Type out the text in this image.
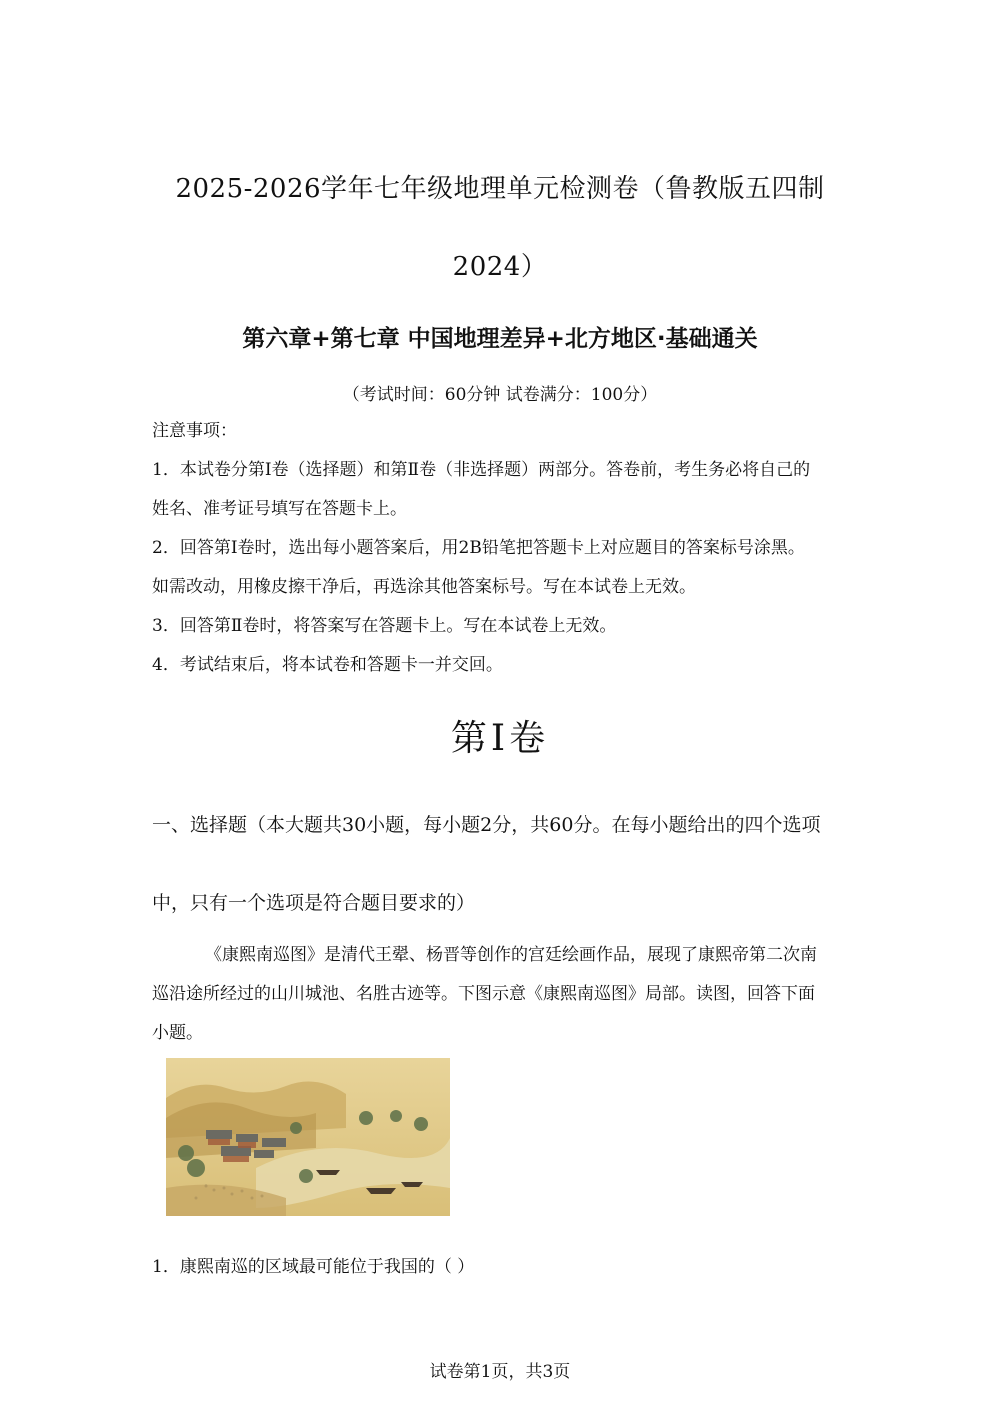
2025-2026学年七年级地理单元检测卷（鲁教版五四制
2024）
第六章+第七章 中国地理差异+北方地区·基础通关
（考试时间：60分钟 试卷满分：100分）
注意事项：
1．本试卷分第Ⅰ卷（选择题）和第Ⅱ卷（非选择题）两部分。答卷前，考生务必将自己的
姓名、准考证号填写在答题卡上。
2．回答第Ⅰ卷时，选出每小题答案后，用2B铅笔把答题卡上对应题目的答案标号涂黑。
如需改动，用橡皮擦干净后，再选涂其他答案标号。写在本试卷上无效。
3．回答第Ⅱ卷时，将答案写在答题卡上。写在本试卷上无效。
4．考试结束后，将本试卷和答题卡一并交回。
第Ⅰ卷
一、选择题（本大题共30小题，每小题2分，共60分。在每小题给出的四个选项
中，只有一个选项是符合题目要求的）
《康熙南巡图》是清代王翚、杨晋等创作的宫廷绘画作品，展现了康熙帝第二次南
巡沿途所经过的山川城池、名胜古迹等。下图示意《康熙南巡图》局部。读图，回答下面
小题。
1．康熙南巡的区域最可能位于我国的（ ）
试卷第1页，共3页
